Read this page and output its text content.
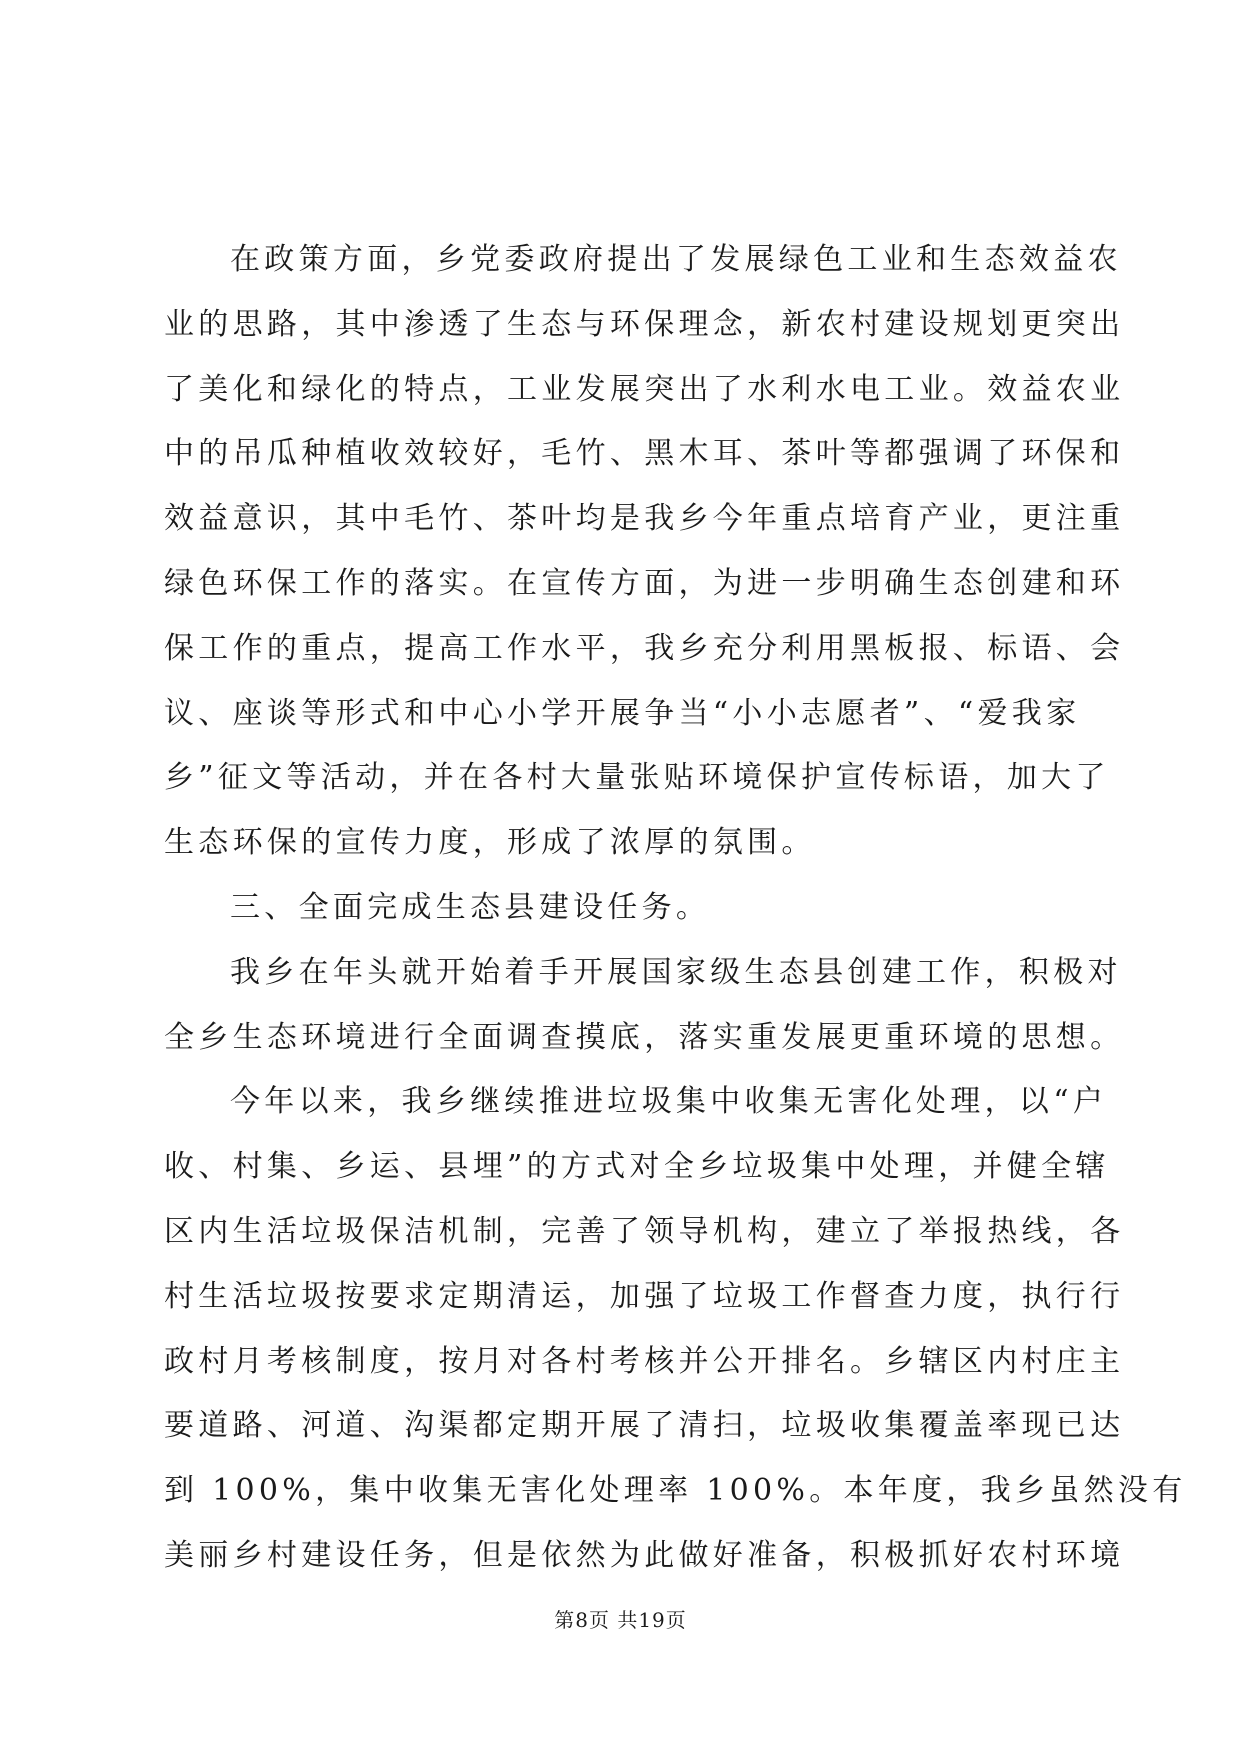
在政策方面，乡党委政府提出了发展绿色工业和生态效益农
业的思路，其中渗透了生态与环保理念，新农村建设规划更突出
了美化和绿化的特点，工业发展突出了水利水电工业。效益农业
中的吊瓜种植收效较好，毛竹、黑木耳、茶叶等都强调了环保和
效益意识，其中毛竹、茶叶均是我乡今年重点培育产业，更注重
绿色环保工作的落实。在宣传方面，为进一步明确生态创建和环
保工作的重点，提高工作水平，我乡充分利用黑板报、标语、会
议、座谈等形式和中心小学开展争当“小小志愿者”、“爱我家
乡”征文等活动，并在各村大量张贴环境保护宣传标语，加大了
生态环保的宣传力度，形成了浓厚的氛围。
三、全面完成生态县建设任务。
我乡在年头就开始着手开展国家级生态县创建工作，积极对
全乡生态环境进行全面调查摸底，落实重发展更重环境的思想。
今年以来，我乡继续推进垃圾集中收集无害化处理，以“户
收、村集、乡运、县埋”的方式对全乡垃圾集中处理，并健全辖
区内生活垃圾保洁机制，完善了领导机构，建立了举报热线，各
村生活垃圾按要求定期清运，加强了垃圾工作督查力度，执行行
政村月考核制度，按月对各村考核并公开排名。乡辖区内村庄主
要道路、河道、沟渠都定期开展了清扫，垃圾收集覆盖率现已达
到 100%，集中收集无害化处理率 100%。本年度，我乡虽然没有
美丽乡村建设任务，但是依然为此做好准备，积极抓好农村环境
第8页 共19页
